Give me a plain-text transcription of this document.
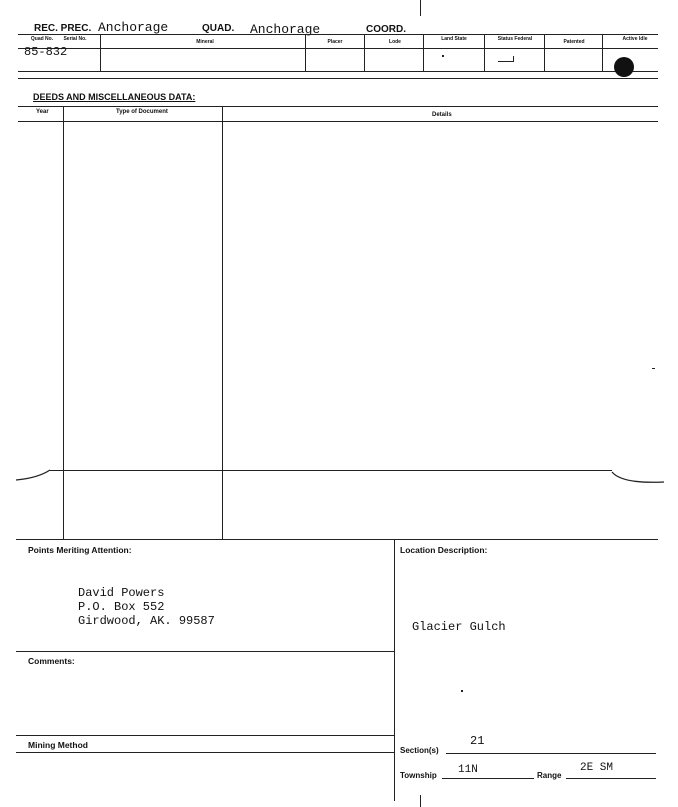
REC. PREC. Anchorage	QUAD. Anchorage	COORD.
Quad No.	Serial No.	Mineral	Placer	Lode	Land State	Status Federal	Patented	Active Idle
85-832
DEEDS AND MISCELLANEOUS DATA:
Year	Type of Document	Details
Points Meriting Attention:
David Powers
P.O. Box 552
Girdwood, AK. 99587
Location Description:
Glacier Gulch
Comments:
Mining Method
Section(s)
21
Township 11N	Range
2E SM
